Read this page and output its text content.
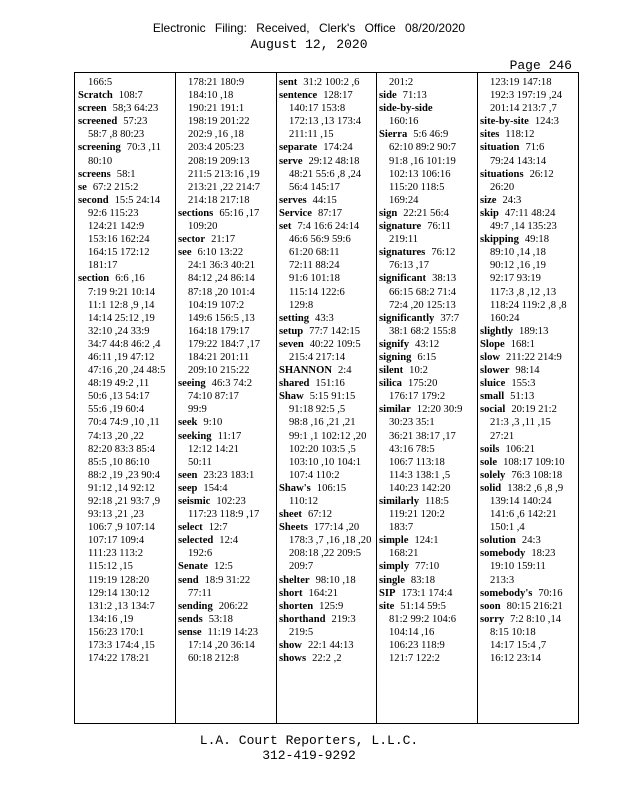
Electronic Filing: Received, Clerk's Office 08/20/2020
August 12, 2020
Page 246
166:5
Scratch 108:7
screen 58;3 64:23
screened 57:23
58:7 ,8 80:23
screening 70:3 ,11
80:10
screens 58:1
se 67:2 215:2
second 15:5 24:14
92:6 115:23
124:21 142:9
153:16 162:24
164:15 172:12
181:17
section 6:6 ,16
7:19 9:21 10:14
11:1 12:8 ,9 ,14
14:14 25:12 ,19
32:10 ,24 33:9
34:7 44:8 46:2 ,4
46:11 ,19 47:12
47:16 ,20 ,24 48:5
48:19 49:2 ,11
50:6 ,13 54:17
55:6 ,19 60:4
70:4 74:9 ,10 ,11
74:13 ,20 ,22
82:20 83:3 85:4
85:5 ,10 86:10
88:2 ,19 ,23 90:4
91:12 ,14 92:12
92:18 ,21 93:7 ,9
93:13 ,21 ,23
106:7 ,9 107:14
107:17 109:4
111:23 113:2
115:12 ,15
119:19 128:20
129:14 130:12
131:2 ,13 134:7
134:16 ,19
156:23 170:1
173:3 174:4 ,15
174:22 178:21
178:21 180:9
184:10 ,18
190:21 191:1
198:19 201:22
202:9 ,16 ,18
203:4 205:23
208:19 209:13
211:5 213:16 ,19
213:21 ,22 214:7
214:18 217:18
sections 65:16 ,17
109:20
sector 21:17
see 6:10 13:22
24:1 36:3 40:21
84:12 ,24 86:14
87:18 ,20 101:4
104:19 107:2
149:6 156:5 ,13
164:18 179:17
179:22 184:7 ,17
184:21 201:11
209:10 215:22
seeing 46:3 74:2
74:10 87:17
99:9
seek 9:10
seeking 11:17
12:12 14:21
50:11
seen 23:23 183:1
seep 154:4
seismic 102:23
117:23 118:9 ,17
select 12:7
selected 12:4
192:6
Senate 12:5
send 18:9 31:22
77:11
sending 206:22
sends 53:18
sense 11:19 14:23
17:14 ,20 36:14
60:18 212:8
sent 31:2 100:2 ,6
sentence 128:17
140:17 153:8
172:13 ,13 173:4
211:11 ,15
separate 174:24
serve 29:12 48:18
48:21 55:6 ,8 ,24
56:4 145:17
serves 44:15
Service 87:17
set 7:4 16:6 24:14
46:6 56:9 59:6
61:20 68:11
72:11 88:24
91:6 101:18
115:14 122:6
129:8
setting 43:3
setup 77:7 142:15
seven 40:22 109:5
215:4 217:14
SHANNON 2:4
shared 151:16
Shaw 5:15 91:15
91:18 92:5 ,5
98:8 ,16 ,21 ,21
99:1 ,1 102:12 ,20
102:20 103:5 ,5
103:10 ,10 104:1
107:4 110:2
Shaw's 106:15
110:12
sheet 67:12
Sheets 177:14 ,20
178:3 ,7 ,16 ,18 ,20
208:18 ,22 209:5
209:7
shelter 98:10 ,18
short 164:21
shorten 125:9
shorthand 219:3
219:5
show 22:1 44:13
shows 22:2 ,2
201:2
side 71:13
side-by-side
160:16
Sierra 5:6 46:9
62:10 89:2 90:7
91:8 ,16 101:19
102:13 106:16
115:20 118:5
169:24
sign 22:21 56:4
signature 76:11
219:11
signatures 76:12
76:13 ,17
significant 38:13
66:15 68:2 71:4
72:4 ,20 125:13
significantly 37:7
38:1 68:2 155:8
signify 43:12
signing 6:15
silent 10:2
silica 175:20
176:17 179:2
similar 12:20 30:9
30:23 35:1
36:21 38:17 ,17
43:16 78:5
106:7 113:18
114:3 138:1 ,5
140:23 142:20
similarly 118:5
119:21 120:2
183:7
simple 124:1
168:21
simply 77:10
single 83:18
SIP 173:1 174:4
site 51:14 59:5
81:2 99:2 104:6
104:14 ,16
106:23 118:9
121:7 122:2
123:19 147:18
192:3 197:19 ,24
201:14 213:7 ,7
site-by-site 124:3
sites 118:12
situation 71:6
79:24 143:14
situations 26:12
26:20
size 24:3
skip 47:11 48:24
49:7 ,14 135:23
skipping 49:18
89:10 ,14 ,18
90:12 ,16 ,19
92:17 93:19
117:3 ,8 ,12 ,13
118:24 119:2 ,8 ,8
160:24
slightly 189:13
Slope 168:1
slow 211:22 214:9
slower 98:14
sluice 155:3
small 51:13
social 20:19 21:2
21:3 ,3 ,11 ,15
27:21
soils 106:21
sole 108:17 109:10
solely 76:3 108:18
solid 138:2 ,6 ,8 ,9
139:14 140:24
141:6 ,6 142:21
150:1 ,4
solution 24:3
somebody 18:23
19:10 159:11
213:3
somebody's 70:16
soon 80:15 216:21
sorry 7:2 8:10 ,14
8:15 10:18
14:17 15:4 ,7
16:12 23:14
L.A. Court Reporters, L.L.C.
312-419-9292
